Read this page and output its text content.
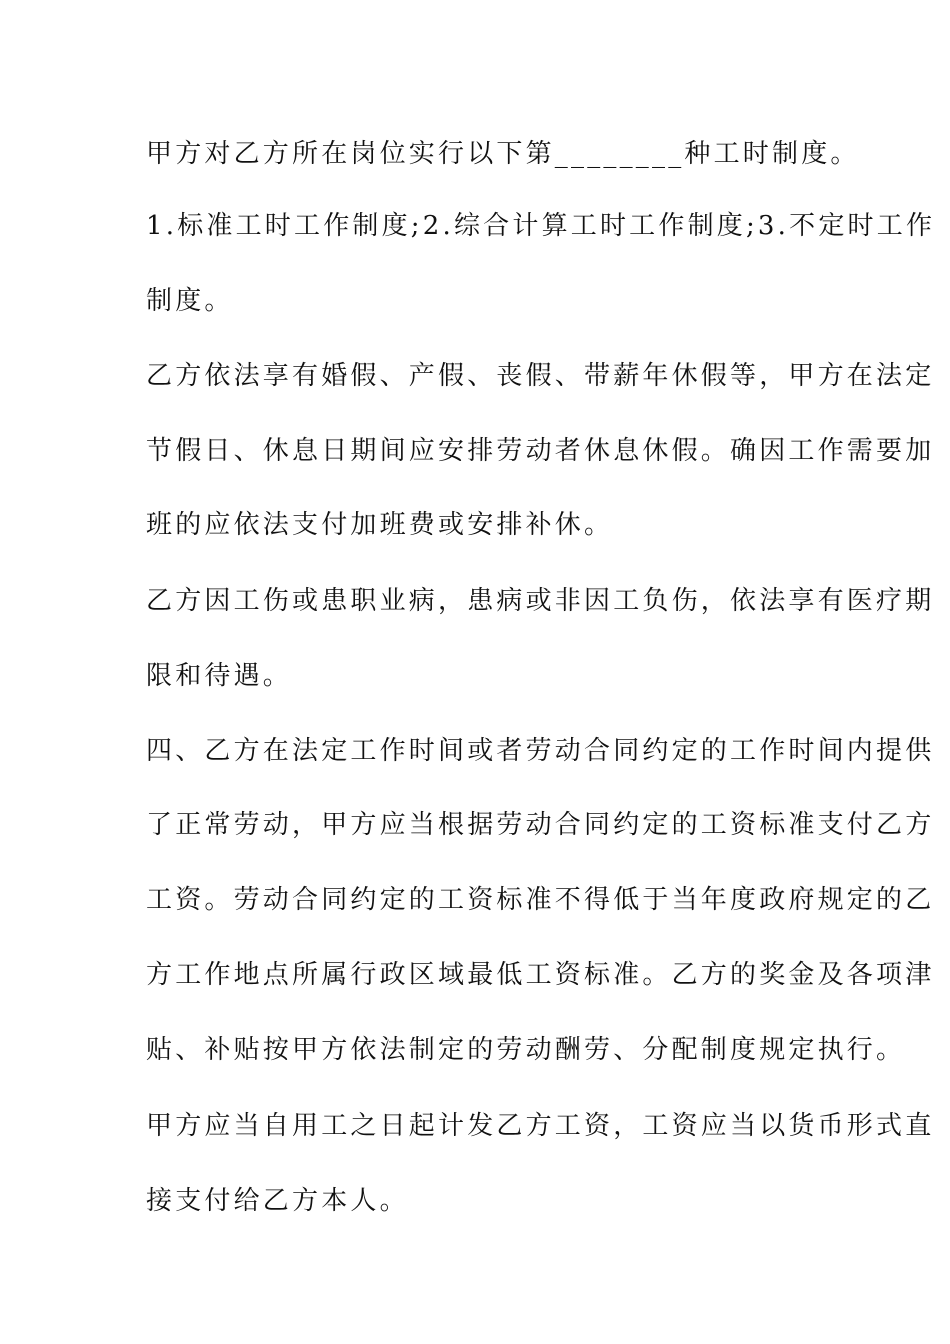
甲方对乙方所在岗位实行以下第________种工时制度。
1.标准工时工作制度;2.综合计算工时工作制度;3.不定时工作
制度。
乙方依法享有婚假、产假、丧假、带薪年休假等，甲方在法定
节假日、休息日期间应安排劳动者休息休假。确因工作需要加
班的应依法支付加班费或安排补休。
乙方因工伤或患职业病，患病或非因工负伤，依法享有医疗期
限和待遇。
四、乙方在法定工作时间或者劳动合同约定的工作时间内提供
了正常劳动，甲方应当根据劳动合同约定的工资标准支付乙方
工资。劳动合同约定的工资标准不得低于当年度政府规定的乙
方工作地点所属行政区域最低工资标准。乙方的奖金及各项津
贴、补贴按甲方依法制定的劳动酬劳、分配制度规定执行。
甲方应当自用工之日起计发乙方工资，工资应当以货币形式直
接支付给乙方本人。
